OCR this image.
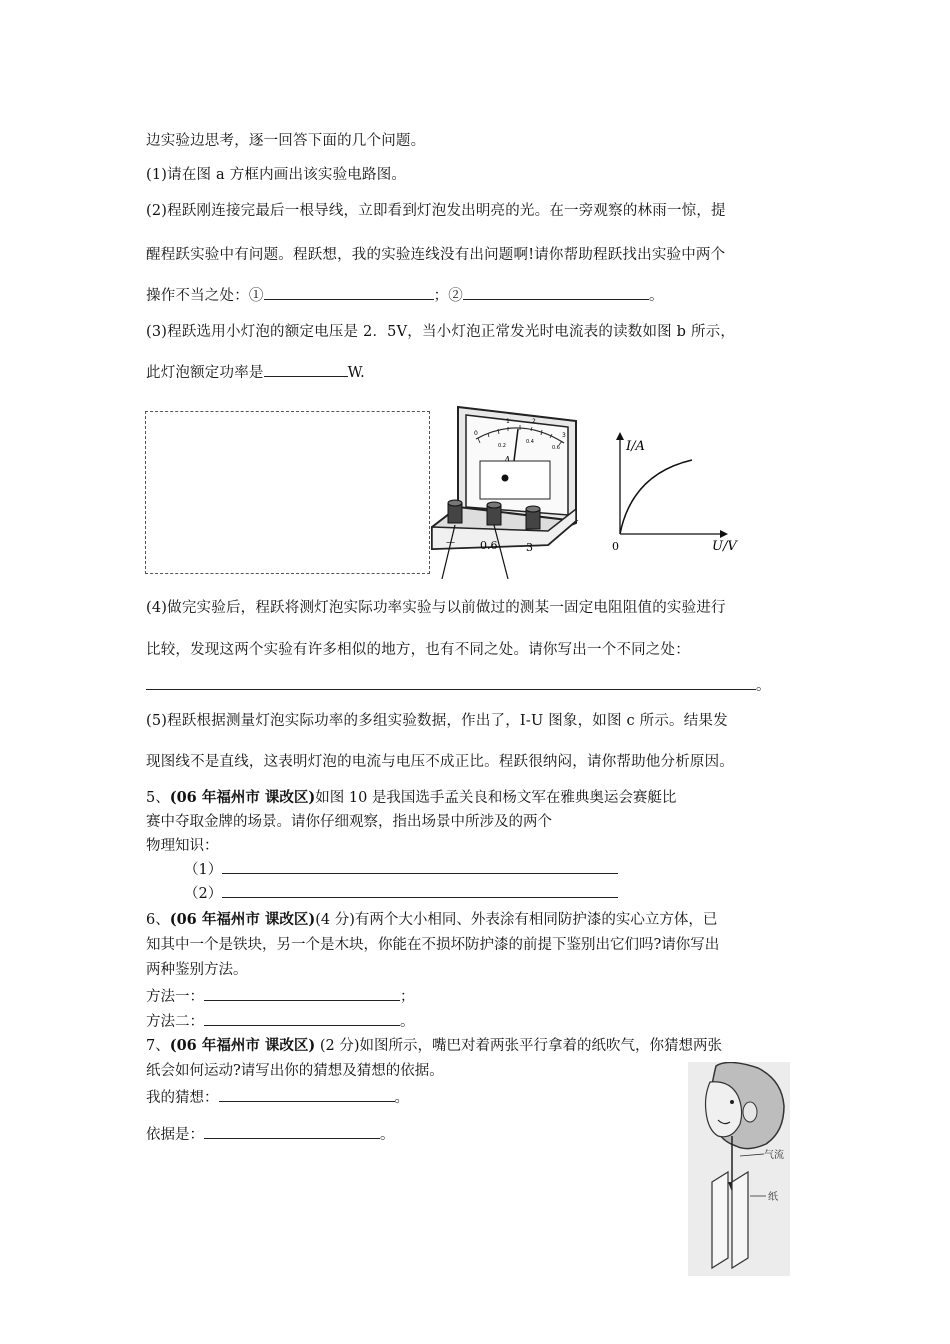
边实验边思考，逐一回答下面的几个问题。
(1)请在图 a 方框内画出该实验电路图。
(2)程跃刚连接完最后一根导线，立即看到灯泡发出明亮的光。在一旁观察的林雨一惊，提
醒程跃实验中有问题。程跃想，我的实验连线没有出问题啊!请你帮助程跃找出实验中两个
操作不当之处：①	；②	。
(3)程跃选用小灯泡的额定电压是 2．5V，当小灯泡正常发光时电流表的读数如图 b 所示，
此灯泡额定功率是	W.
0
1	2
3
0.2
0.4
0.6
— 0.6	3
I/A
U/V
0
(4)做完实验后，程跃将测灯泡实际功率实验与以前做过的测某一固定电阻阻值的实验进行
比较，发现这两个实验有许多相似的地方，也有不同之处。请你写出一个不同之处：
。
(5)程跃根据测量灯泡实际功率的多组实验数据，作出了，I-U 图象，如图 c 所示。结果发
现图线不是直线，这表明灯泡的电流与电压不成正比。程跃很纳闷，请你帮助他分析原因。
5、(06 年福州市 课改区)如图 10 是我国选手孟关良和杨文军在雅典奥运会赛艇比
赛中夺取金牌的场景。请你仔细观察，指出场景中所涉及的两个
物理知识：
（1）
（2）
6、(06 年福州市 课改区)(4 分)有两个大小相同、外表涂有相同防护漆的实心立方体，已
知其中一个是铁块，另一个是木块，你能在不损坏防护漆的前提下鉴别出它们吗?请你写出
两种鉴别方法。
方法一：	；
方法二：	。
7、(06 年福州市 课改区) (2 分)如图所示，嘴巴对着两张平行拿着的纸吹气，你猜想两张
纸会如何运动?请写出你的猜想及猜想的依据。
我的猜想：	。
依据是：	。
气流
纸
